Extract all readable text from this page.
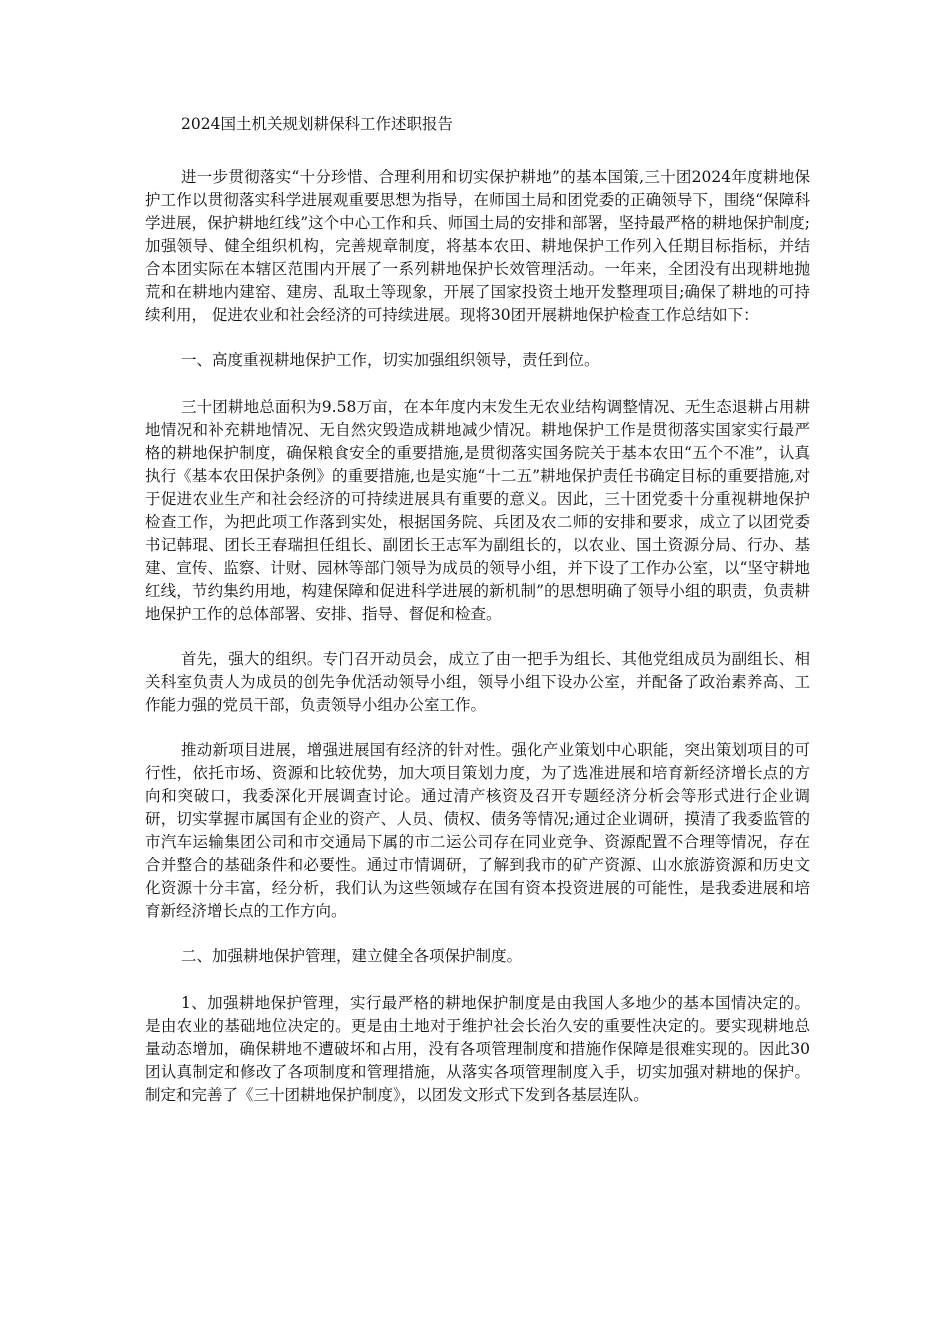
2024国土机关规划耕保科工作述职报告

进一步贯彻落实“十分珍惜、合理利用和切实保护耕地”的基本国策,三十团2024年度耕地保护工作以贯彻落实科学进展观重要思想为指导，在师国土局和团党委的正确领导下，围绕“保障科学进展，保护耕地红线”这个中心工作和兵、师国土局的安排和部署，坚持最严格的耕地保护制度;加强领导、健全组织机构，完善规章制度，将基本农田、耕地保护工作列入任期目标指标，并结合本团实际在本辖区范围内开展了一系列耕地保护长效管理活动。一年来，全团没有出现耕地抛荒和在耕地内建窑、建房、乱取土等现象，开展了国家投资土地开发整理项目;确保了耕地的可持续利用， 促进农业和社会经济的可持续进展。现将30团开展耕地保护检查工作总结如下：

一、高度重视耕地保护工作，切实加强组织领导，责任到位。

三十团耕地总面积为9.58万亩，在本年度内末发生无农业结构调整情况、无生态退耕占用耕地情况和补充耕地情况、无自然灾毁造成耕地减少情况。耕地保护工作是贯彻落实国家实行最严格的耕地保护制度，确保粮食安全的重要措施,是贯彻落实国务院关于基本农田“五个不准”，认真执行《基本农田保护条例》的重要措施,也是实施“十二五”耕地保护责任书确定目标的重要措施,对于促进农业生产和社会经济的可持续进展具有重要的意义。因此，三十团党委十分重视耕地保护检查工作，为把此项工作落到实处，根据国务院、兵团及农二师的安排和要求，成立了以团党委书记韩琨、团长王春瑞担任组长、副团长王志军为副组长的，以农业、国土资源分局、行办、基建、宣传、监察、计财、园林等部门领导为成员的领导小组，并下设了工作办公室，以“坚守耕地红线，节约集约用地，构建保障和促进科学进展的新机制”的思想明确了领导小组的职责，负责耕地保护工作的总体部署、安排、指导、督促和检查。

首先，强大的组织。专门召开动员会，成立了由一把手为组长、其他党组成员为副组长、相关科室负责人为成员的创先争优活动领导小组，领导小组下设办公室，并配备了政治素养高、工作能力强的党员干部，负责领导小组办公室工作。

推动新项目进展，增强进展国有经济的针对性。强化产业策划中心职能，突出策划项目的可行性，依托市场、资源和比较优势，加大项目策划力度，为了选准进展和培育新经济增长点的方向和突破口，我委深化开展调查讨论。通过清产核资及召开专题经济分析会等形式进行企业调研，切实掌握市属国有企业的资产、人员、债权、债务等情况;通过企业调研，摸清了我委监管的市汽车运输集团公司和市交通局下属的市二运公司存在同业竞争、资源配置不合理等情况，存在合并整合的基础条件和必要性。通过市情调研，了解到我市的矿产资源、山水旅游资源和历史文化资源十分丰富，经分析，我们认为这些领域存在国有资本投资进展的可能性，是我委进展和培育新经济增长点的工作方向。

二、加强耕地保护管理，建立健全各项保护制度。

1、加强耕地保护管理，实行最严格的耕地保护制度是由我国人多地少的基本国情决定的。是由农业的基础地位决定的。更是由土地对于维护社会长治久安的重要性决定的。要实现耕地总量动态增加，确保耕地不遭破坏和占用，没有各项管理制度和措施作保障是很难实现的。因此30团认真制定和修改了各项制度和管理措施，从落实各项管理制度入手，切实加强对耕地的保护。制定和完善了《三十团耕地保护制度》，以团发文形式下发到各基层连队。
